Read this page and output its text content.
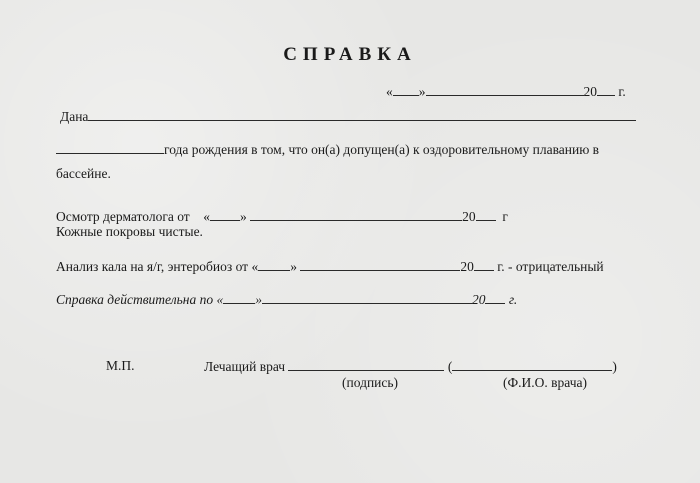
СПРАВКА
« »	20 г.
Дана
года рождения в том, что он(а) допущен(а) к оздоровительному плаванию в
бассейне.
Осмотр дерматолога от « »	20 г
Кожные покровы чистые.
Анализ кала на я/г, энтеробиоз от « »	20 г. - отрицательный
Справка действительна по « »	20 г.
М.П.	Лечащий врач	(	)
(подпись)	(Ф.И.О. врача)
